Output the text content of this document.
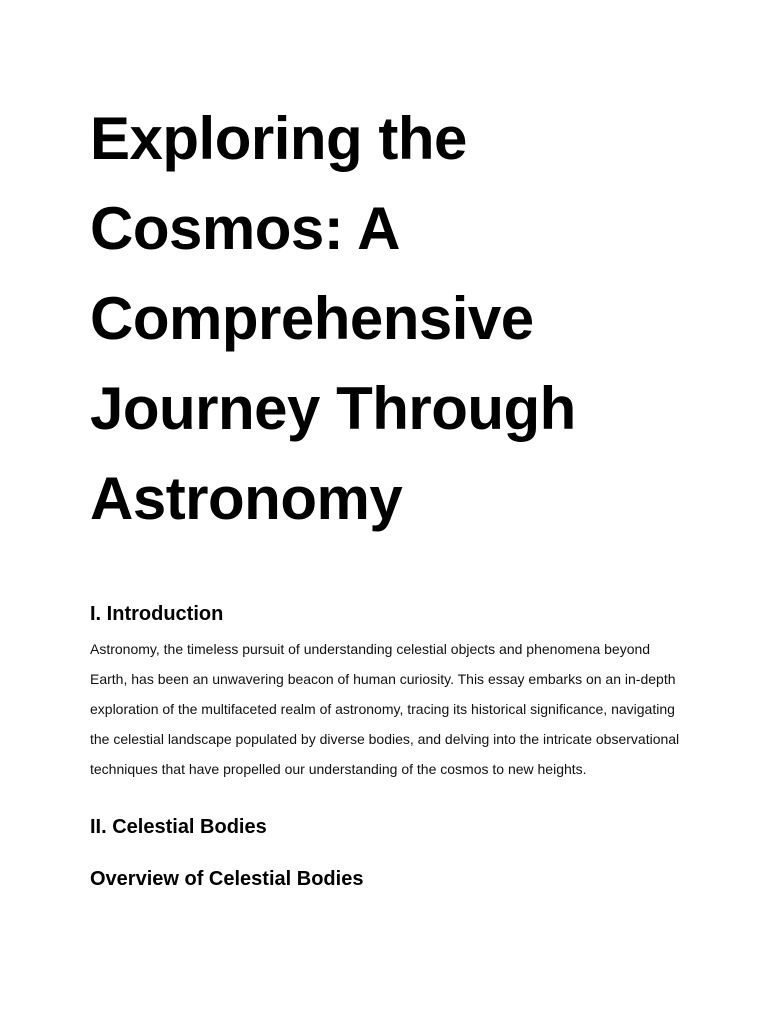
Exploring the
Cosmos: A
Comprehensive
Journey Through
Astronomy
I. Introduction

Astronomy, the timeless pursuit of understanding celestial objects and phenomena beyond
Earth, has been an unwavering beacon of human curiosity. This essay embarks on an in-depth
exploration of the multifaceted realm of astronomy, tracing its historical significance, navigating
the celestial landscape populated by diverse bodies, and delving into the intricate observational
techniques that have propelled our understanding of the cosmos to new heights.

II. Celestial Bodies
Overview of Celestial Bodies
